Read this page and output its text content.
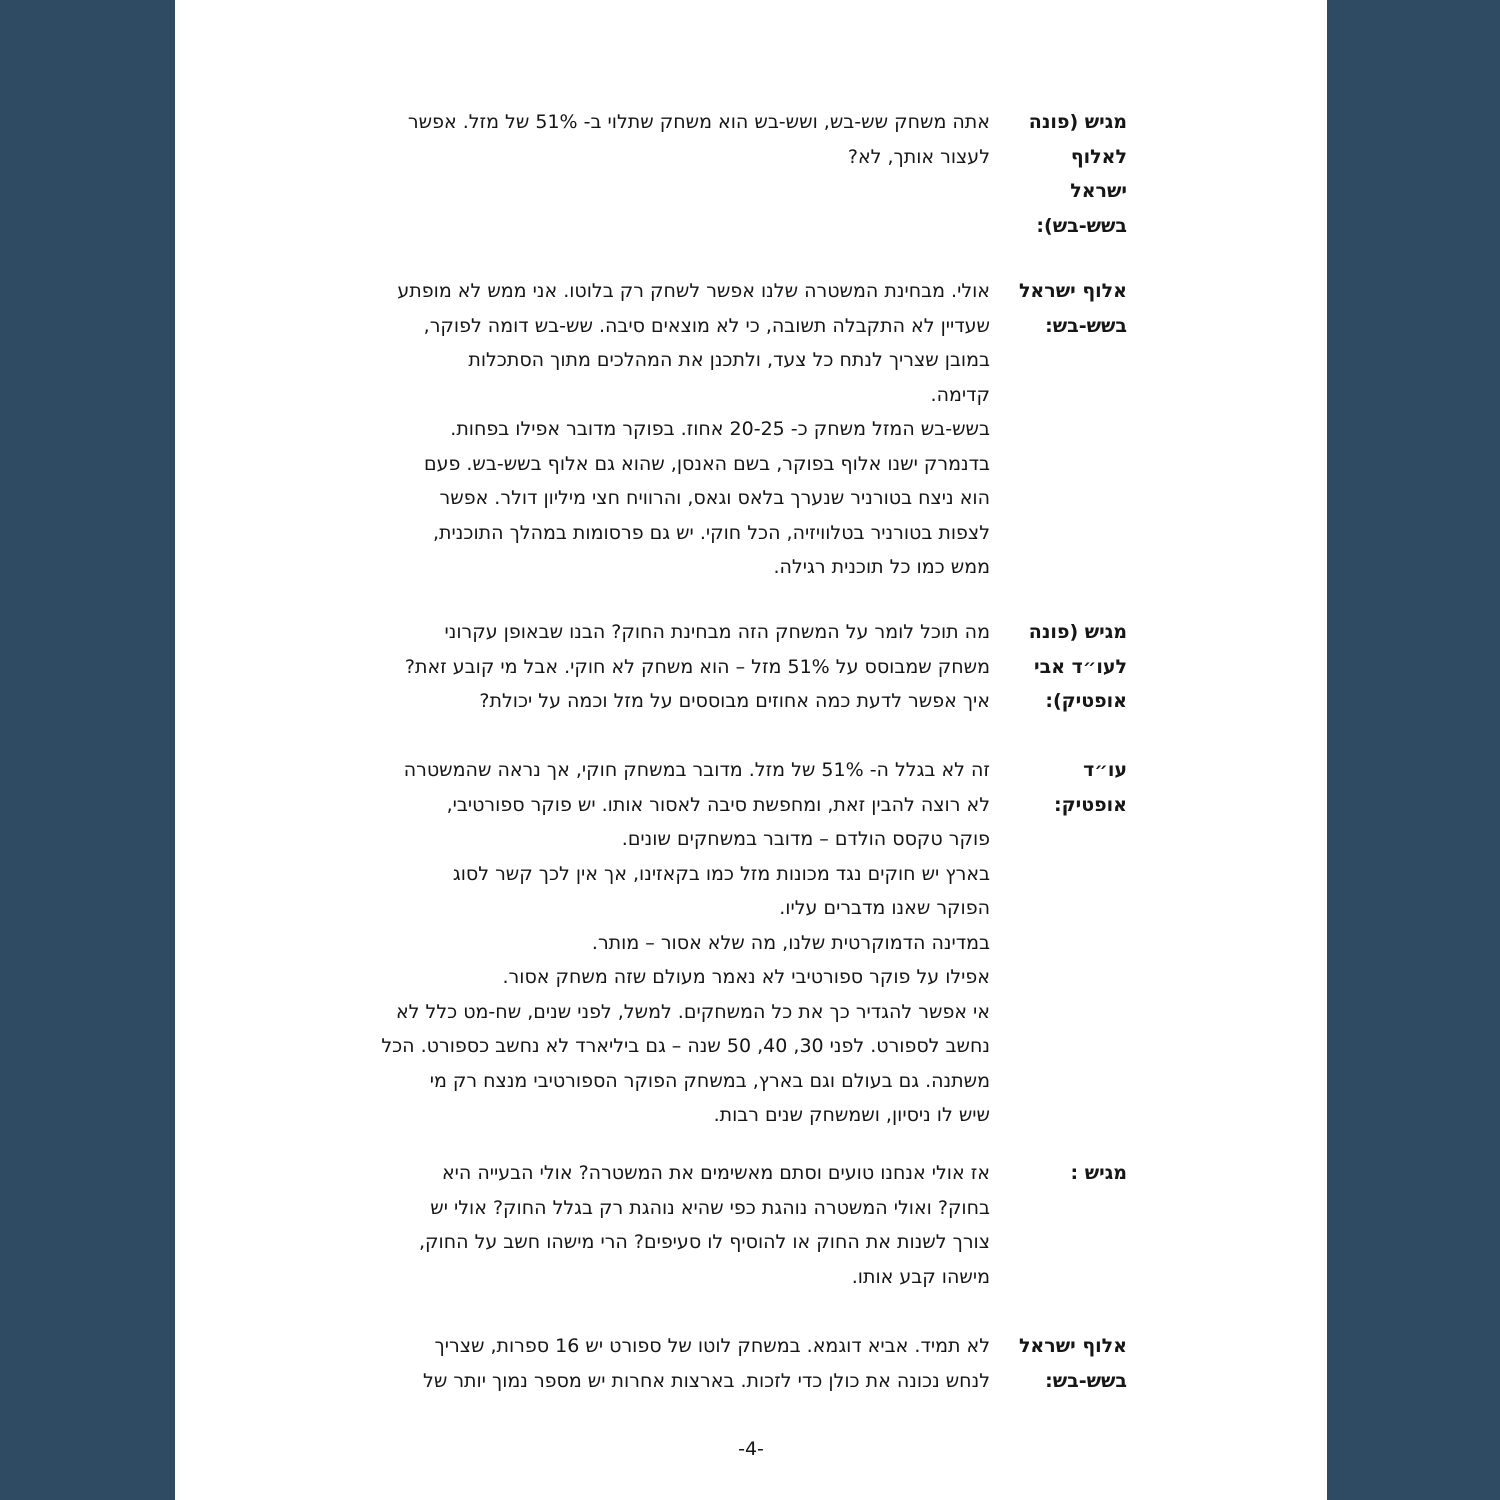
מגיש (פונה
לאלוף
ישראל
בשש-בש):
אתה משחק שש-בש, ושש-בש הוא משחק שתלוי ב- 51% של מזל. אפשר
לעצור אותך, לא?
אלוף ישראל
בשש-בש:
אולי. מבחינת המשטרה שלנו אפשר לשחק רק בלוטו. אני ממש לא מופתע
שעדיין לא התקבלה תשובה, כי לא מוצאים סיבה. שש-בש דומה לפוקר,
במובן שצריך לנתח כל צעד, ולתכנן את המהלכים מתוך הסתכלות
קדימה.
בשש-בש המזל משחק כ- 20-25 אחוז. בפוקר מדובר אפילו בפחות.
בדנמרק ישנו אלוף בפוקר, בשם האנסן, שהוא גם אלוף בשש-בש. פעם
הוא ניצח בטורניר שנערך בלאס וגאס, והרוויח חצי מיליון דולר. אפשר
לצפות בטורניר בטלוויזיה, הכל חוקי. יש גם פרסומות במהלך התוכנית,
ממש כמו כל תוכנית רגילה.
מגיש (פונה
לעו״ד אבי
אופטיק):
מה תוכל לומר על המשחק הזה מבחינת החוק? הבנו שבאופן עקרוני
משחק שמבוסס על 51% מזל – הוא משחק לא חוקי. אבל מי קובע זאת?
איך אפשר לדעת כמה אחוזים מבוססים על מזל וכמה על יכולת?
עו״ד
אופטיק:
זה לא בגלל ה- 51% של מזל. מדובר במשחק חוקי, אך נראה שהמשטרה
לא רוצה להבין זאת, ומחפשת סיבה לאסור אותו. יש פוקר ספורטיבי,
פוקר טקסס הולדם – מדובר במשחקים שונים.
בארץ יש חוקים נגד מכונות מזל כמו בקאזינו, אך אין לכך קשר לסוג
הפוקר שאנו מדברים עליו.
במדינה הדמוקרטית שלנו, מה שלא אסור – מותר.
אפילו על פוקר ספורטיבי לא נאמר מעולם שזה משחק אסור.
אי אפשר להגדיר כך את כל המשחקים. למשל, לפני שנים, שח-מט כלל לא
נחשב לספורט. לפני 30, 40, 50 שנה – גם ביליארד לא נחשב כספורט. הכל
משתנה. גם בעולם וגם בארץ, במשחק הפוקר הספורטיבי מנצח רק מי
שיש לו ניסיון, ושמשחק שנים רבות.
מגיש :
אז אולי אנחנו טועים וסתם מאשימים את המשטרה? אולי הבעייה היא
בחוק? ואולי המשטרה נוהגת כפי שהיא נוהגת רק בגלל החוק? אולי יש
צורך לשנות את החוק או להוסיף לו סעיפים? הרי מישהו חשב על החוק,
מישהו קבע אותו.
אלוף ישראל
בשש-בש:
לא תמיד. אביא דוגמא. במשחק לוטו של ספורט יש 16 ספרות, שצריך
לנחש נכונה את כולן כדי לזכות. בארצות אחרות יש מספר נמוך יותר של
-4-
